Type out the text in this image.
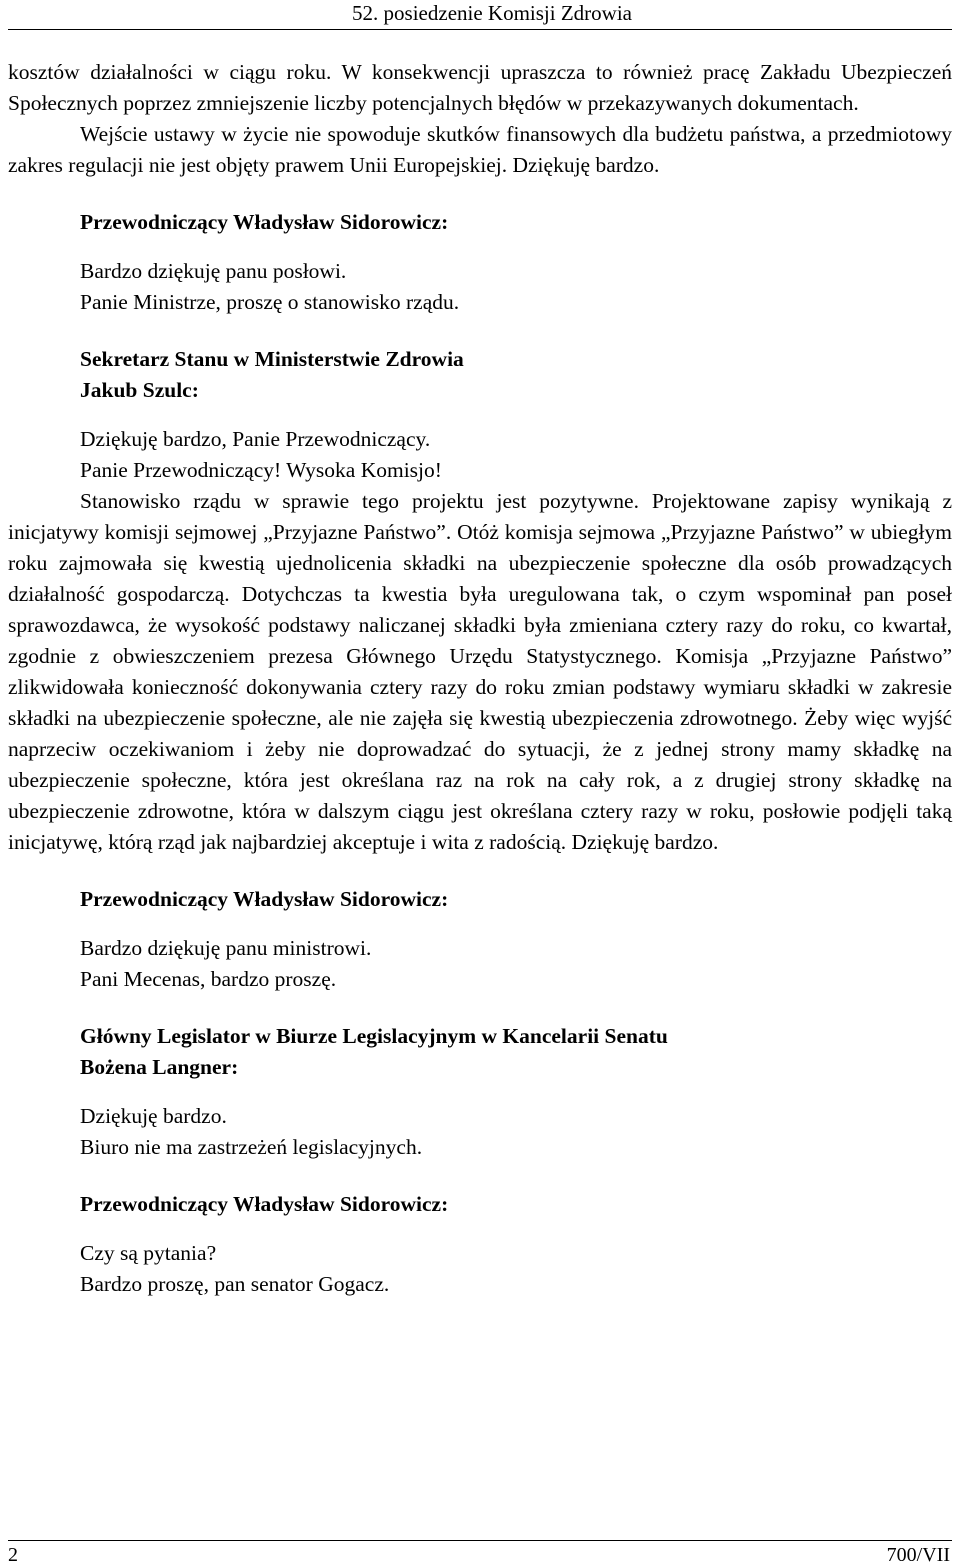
52. posiedzenie Komisji Zdrowia

kosztów działalności w ciągu roku. W konsekwencji upraszcza to również pracę Zakładu Ubezpieczeń Społecznych poprzez zmniejszenie liczby potencjalnych błędów w przekazywanych dokumentach.

Wejście ustawy w życie nie spowoduje skutków finansowych dla budżetu państwa, a przedmiotowy zakres regulacji nie jest objęty prawem Unii Europejskiej. Dziękuję bardzo.

Przewodniczący Władysław Sidorowicz:

Bardzo dziękuję panu posłowi.

Panie Ministrze, proszę o stanowisko rządu.

Sekretarz Stanu w Ministerstwie Zdrowia

Jakub Szulc:

Dziękuję bardzo, Panie Przewodniczący.

Panie Przewodniczący! Wysoka Komisjo!

Stanowisko rządu w sprawie tego projektu jest pozytywne. Projektowane zapisy wynikają z inicjatywy komisji sejmowej „Przyjazne Państwo”. Otóż komisja sejmowa „Przyjazne Państwo” w ubiegłym roku zajmowała się kwestią ujednolicenia składki na ubezpieczenie społeczne dla osób prowadzących działalność gospodarczą. Dotychczas ta kwestia była uregulowana tak, o czym wspominał pan poseł sprawozdawca, że wysokość podstawy naliczanej składki była zmieniana cztery razy do roku, co kwartał, zgodnie z obwieszczeniem prezesa Głównego Urzędu Statystycznego. Komisja „Przyjazne Państwo” zlikwidowała konieczność dokonywania cztery razy do roku zmian podstawy wymiaru składki w zakresie składki na ubezpieczenie społeczne, ale nie zajęła się kwestią ubezpieczenia zdrowotnego. Żeby więc wyjść naprzeciw oczekiwaniom i żeby nie doprowadzać do sytuacji, że z jednej strony mamy składkę na ubezpieczenie społeczne, która jest określana raz na rok na cały rok, a z drugiej strony składkę na ubezpieczenie zdrowotne, która w dalszym ciągu jest określana cztery razy w roku, posłowie podjęli taką inicjatywę, którą rząd jak najbardziej akceptuje i wita z radością. Dziękuję bardzo.

Przewodniczący Władysław Sidorowicz:

Bardzo dziękuję panu ministrowi.

Pani Mecenas, bardzo proszę.

Główny Legislator w Biurze Legislacyjnym w Kancelarii Senatu

Bożena Langner:

Dziękuję bardzo.

Biuro nie ma zastrzeżeń legislacyjnych.

Przewodniczący Władysław Sidorowicz:

Czy są pytania?

Bardzo proszę, pan senator Gogacz.

2	700/VII
